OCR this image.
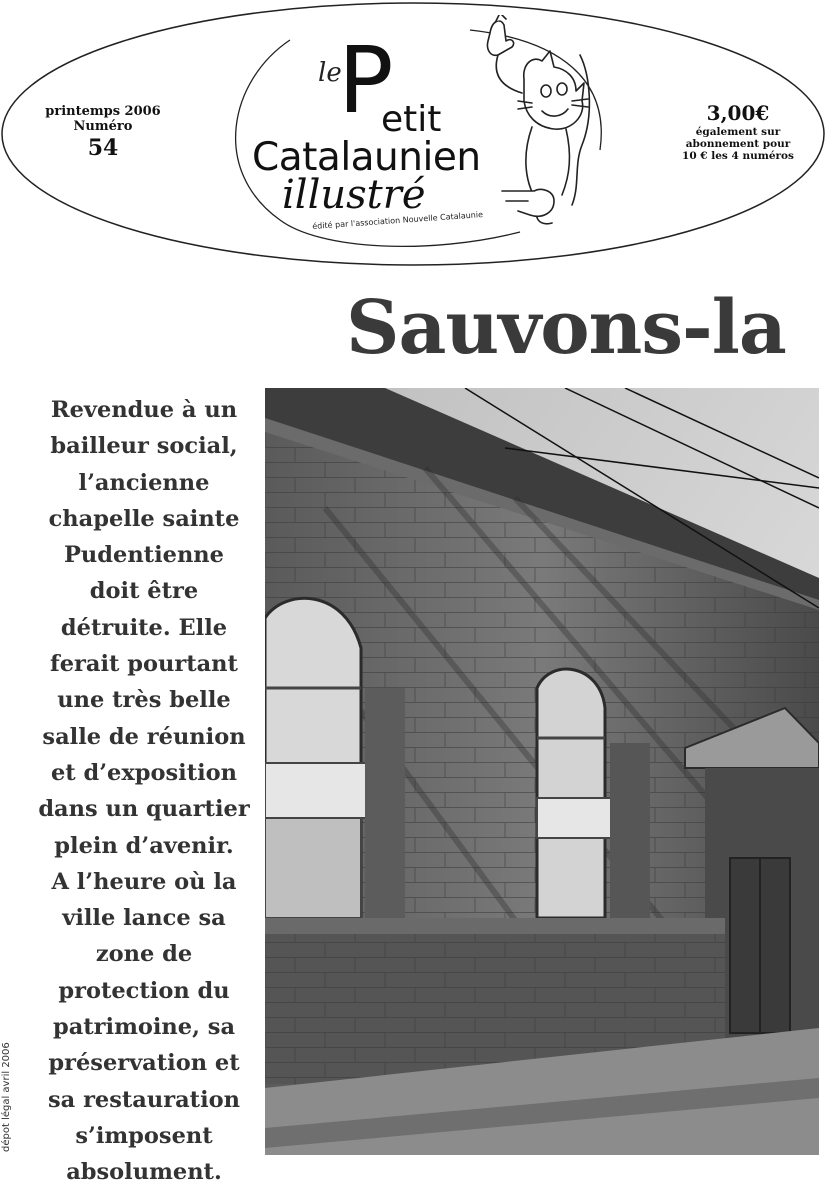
printemps 2006
Numéro
54
le
P
etit
Catalaunien
illustré
édité par l'association Nouvelle Catalaunie
3,00€
également sur
abonnement pour
10 € les 4 numéros
Sauvons-la

Revendue à un

bailleur social,

l’ancienne

chapelle sainte

Pudentienne

doit être

détruite. Elle

ferait pourtant

une très belle

salle de réunion

et d’exposition

dans un quartier

plein d’avenir.

A l’heure où la

ville lance sa

zone de

protection du

patrimoine, sa

préservation et

sa restauration

s’imposent

absolument.

dépot légal avril 2006
